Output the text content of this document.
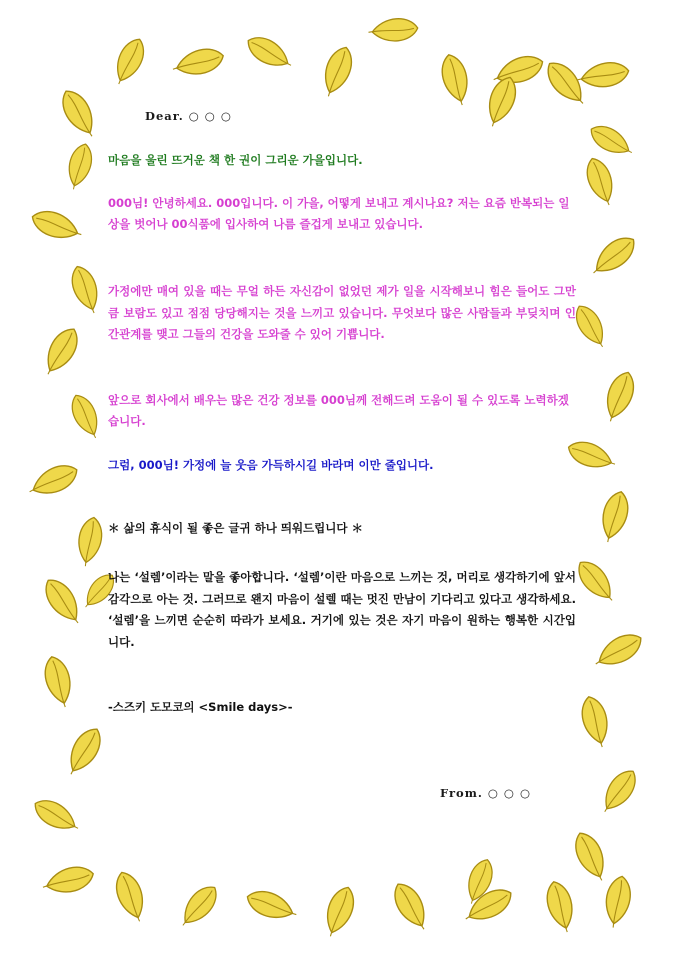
Dear. ○ ○ ○

마음을 울린 뜨거운 책 한 권이 그리운 가을입니다.

000님! 안녕하세요. 000입니다. 이 가을, 어떻게 보내고 계시나요? 저는 요즘 반복되는 일상을 벗어나 00식품에 입사하여 나름 즐겁게 보내고 있습니다.

가정에만 매여 있을 때는 무얼 하든 자신감이 없었던 제가 일을 시작해보니 힘은 들어도 그만큼 보람도 있고 점점 당당해지는 것을 느끼고 있습니다. 무엇보다 많은 사람들과 부딪치며 인간관계를 맺고 그들의 건강을 도와줄 수 있어 기쁩니다.

앞으로 회사에서 배우는 많은 건강 정보를 000님께 전해드려 도움이 될 수 있도록 노력하겠습니다.

그럼, 000님! 가정에 늘 웃음 가득하시길 바라며 이만 줄입니다.

＊ 삶의 휴식이 될 좋은 글귀 하나 띄워드립니다 ＊

나는 ‘설렘’이라는 말을 좋아합니다. ‘설렘’이란 마음으로 느끼는 것, 머리로 생각하기에 앞서 감각으로 아는 것. 그러므로 왠지 마음이 설렐 때는 멋진 만남이 기다리고 있다고 생각하세요. ‘설렘’을 느끼면 순순히 따라가 보세요. 거기에 있는 것은 자기 마음이 원하는 행복한 시간입니다.

-스즈키 도모코의 <Smile days>-

From. ○ ○ ○
